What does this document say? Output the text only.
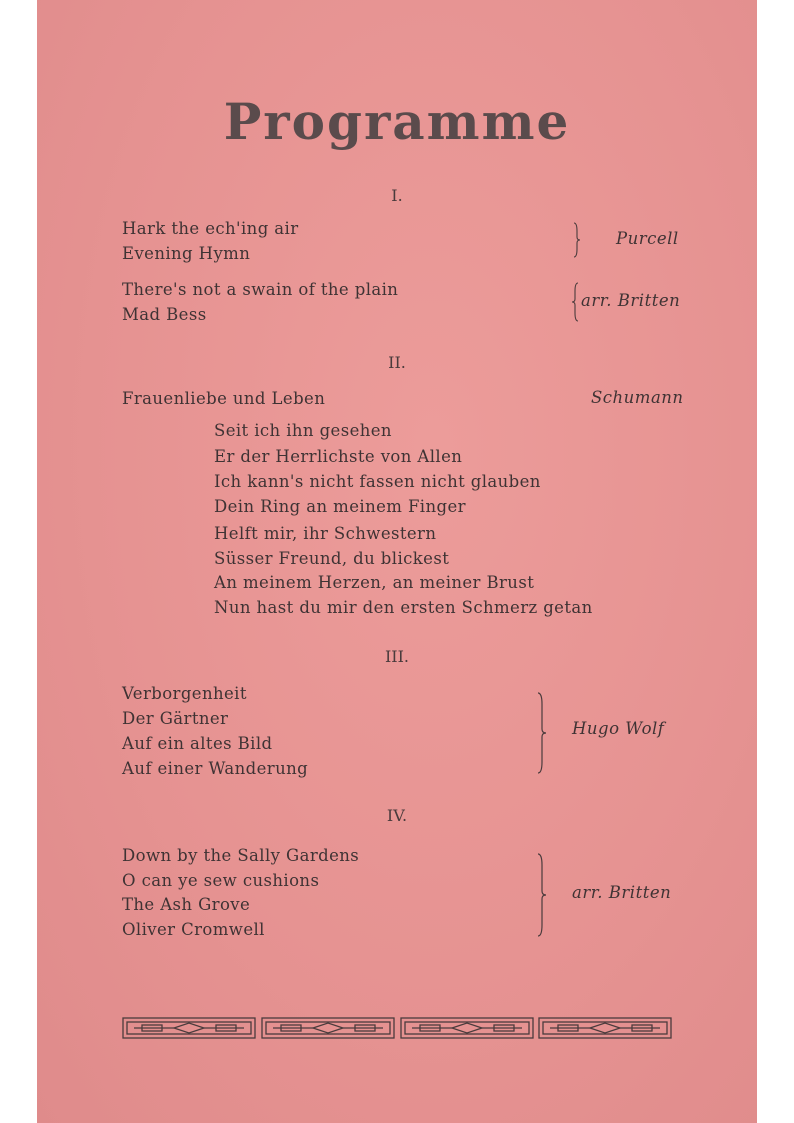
Programme
I.
Hark the ech'ing air
Evening Hymn
Purcell
There's not a swain of the plain
Mad Bess
arr. Britten
II.
Frauenliebe und Leben	Schumann
Seit ich ihn gesehen
Er der Herrlichste von Allen
Ich kann's nicht fassen nicht glauben
Dein Ring an meinem Finger
Helft mir, ihr Schwestern
Süsser Freund, du blickest
An meinem Herzen, an meiner Brust
Nun hast du mir den ersten Schmerz getan
III.
Verborgenheit
Der Gärtner
Auf ein altes Bild
Auf einer Wanderung
Hugo Wolf
IV.
Down by the Sally Gardens
O can ye sew cushions
The Ash Grove
Oliver Cromwell
arr. Britten
